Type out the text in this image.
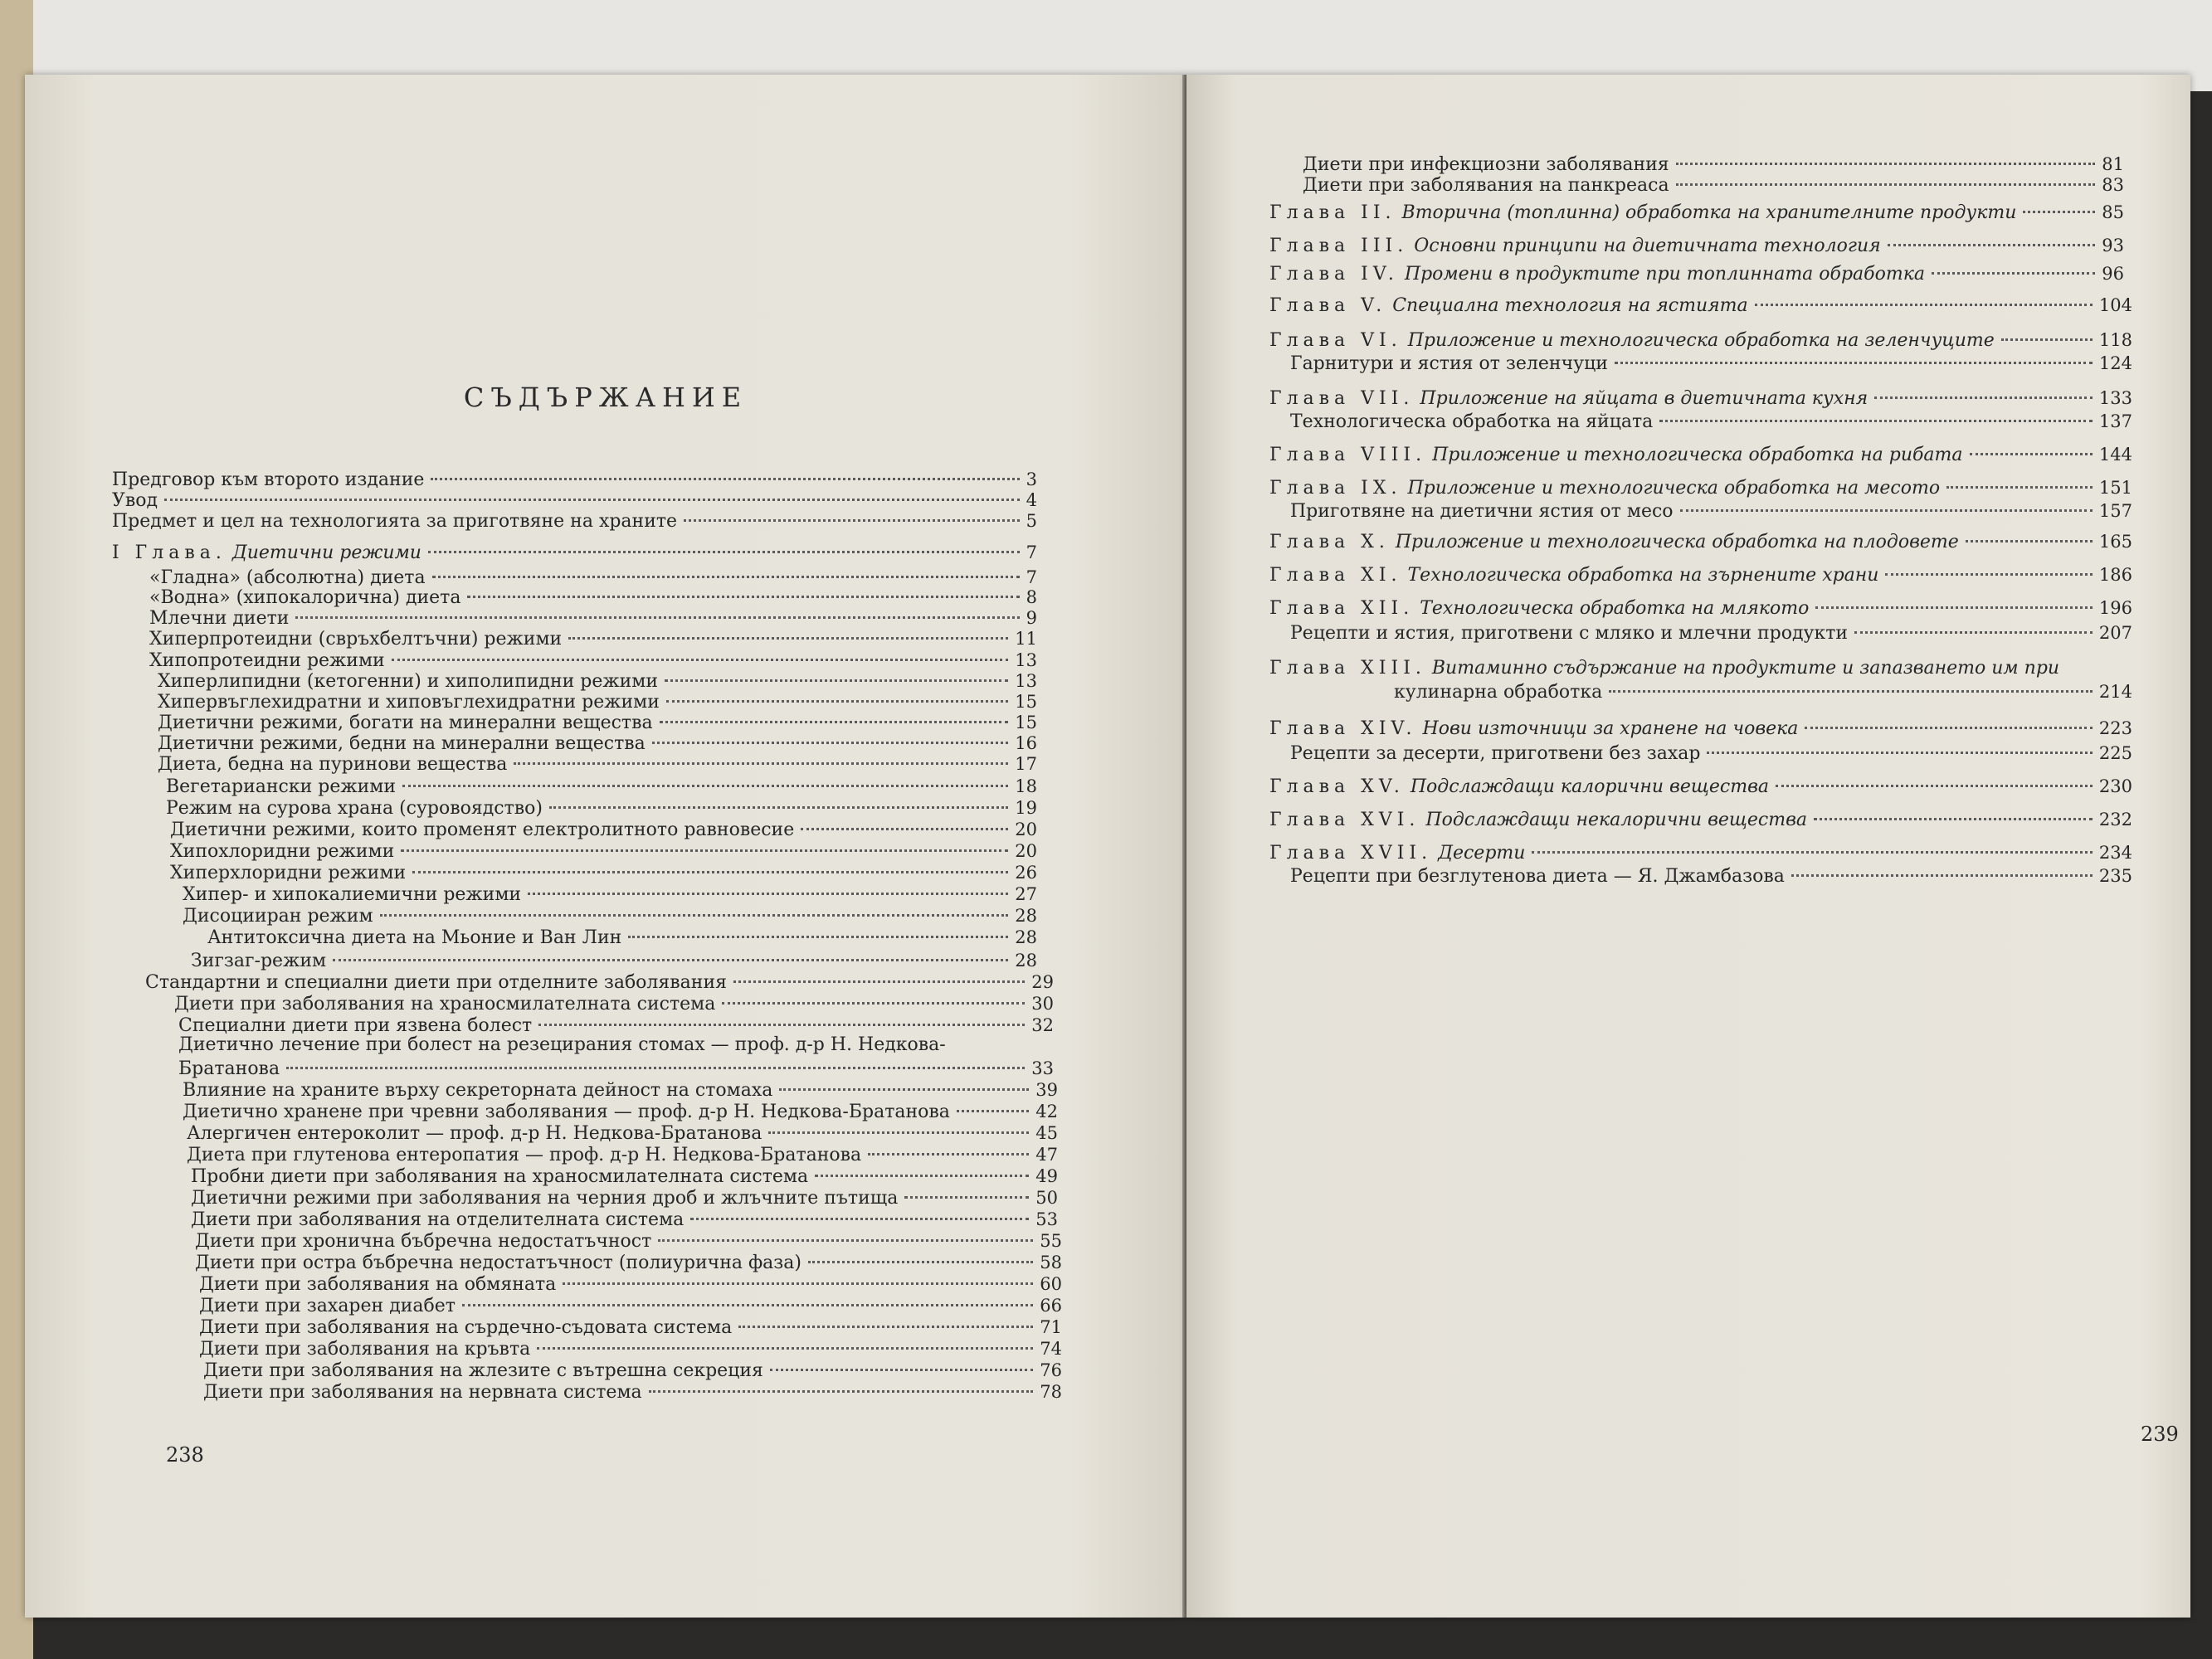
СЪДЪРЖАНИЕ
Предговор към второто издание	3
Увод	4
Предмет и цел на технологията за приготвяне на храните	5
I Глава. Диетични режими	7
«Гладна» (абсолютна) диета	7
«Водна» (хипокалорична) диета	8
Млечни диети	9
Хиперпротеидни (свръхбелтъчни) режими	11
Хипопротеидни режими	13
Хиперлипидни (кетогенни) и хиполипидни режими	13
Хипервъглехидратни и хиповъглехидратни режими	15
Диетични режими, богати на минерални вещества	15
Диетични режими, бедни на минерални вещества	16
Диета, бедна на пуринови вещества	17
Вегетариански режими	18
Режим на сурова храна (суровоядство)	19
Диетични режими, които променят електролитното равновесие	20
Хипохлоридни режими	20
Хиперхлоридни режими	26
Хипер- и хипокалиемични режими	27
Дисоцииран режим	28
Антитоксична диета на Мьоние и Ван Лин	28
Зигзаг-режим	28
Стандартни и специални диети при отделните заболявания	29
Диети при заболявания на храносмилателната система	30
Специални диети при язвена болест	32
Диетично лечение при болест на резецирания стомах — проф. д-р Н. Недкова-
Братанова	33
Влияние на храните върху секреторната дейност на стомаха	39
Диетично хранене при чревни заболявания — проф. д-р Н. Недкова-Братанова	42
Алергичен ентероколит — проф. д-р Н. Недкова-Братанова	45
Диета при глутенова ентеропатия — проф. д-р Н. Недкова-Братанова	47
Пробни диети при заболявания на храносмилателната система	49
Диетични режими при заболявания на черния дроб и жлъчните пътища	50
Диети при заболявания на отделителната система	53
Диети при хронична бъбречна недостатъчност	55
Диети при остра бъбречна недостатъчност (полиурична фаза)	58
Диети при заболявания на обмяната	60
Диети при захарен диабет	66
Диети при заболявания на сърдечно-съдовата система	71
Диети при заболявания на кръвта	74
Диети при заболявания на жлезите с вътрешна секреция	76
Диети при заболявания на нервната система	78
238
Диети при инфекциозни заболявания	81
Диети при заболявания на панкреаса	83
Глава II. Вторична (топлинна) обработка на хранителните продукти	85
Глава III. Основни принципи на диетичната технология	93
Глава IV. Промени в продуктите при топлинната обработка	96
Глава V. Специална технология на ястията	104
Глава VI. Приложение и технологическа обработка на зеленчуците	118
Гарнитури и ястия от зеленчуци	124
Глава VII. Приложение на яйцата в диетичната кухня	133
Технологическа обработка на яйцата	137
Глава VIII. Приложение и технологическа обработка на рибата	144
Глава IX. Приложение и технологическа обработка на месото	151
Приготвяне на диетични ястия от месо	157
Глава X. Приложение и технологическа обработка на плодовете	165
Глава XI. Технологическа обработка на зърнените храни	186
Глава XII. Технологическа обработка на млякото	196
Рецепти и ястия, приготвени с мляко и млечни продукти	207
Глава XIII. Витаминно съдържание на продуктите и запазването им при
кулинарна обработка	214
Глава XIV. Нови източници за хранене на човека	223
Рецепти за десерти, приготвени без захар	225
Глава XV. Подслаждащи калорични вещества	230
Глава XVI. Подслаждащи некалорични вещества	232
Глава XVII. Десерти	234
Рецепти при безглутенова диета — Я. Джамбазова	235
239
